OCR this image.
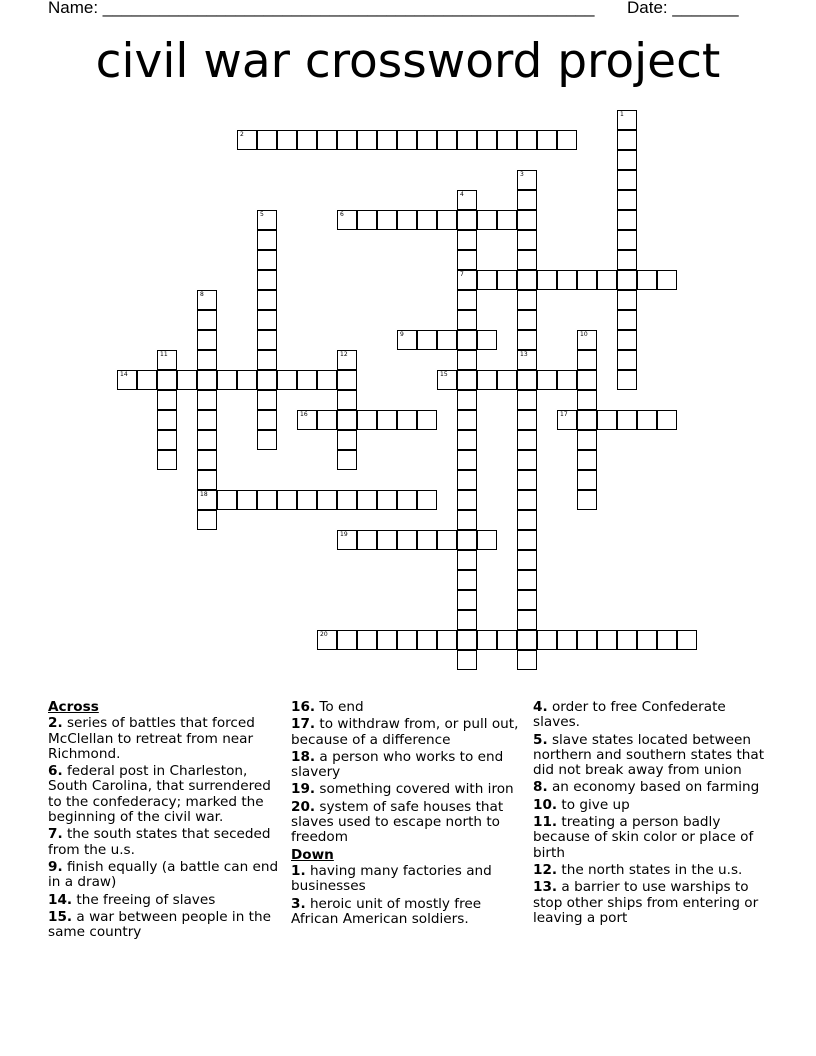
Name: ____________________________________________________ Date: _______
civil war crossword project
1
2
3
13
4
7
5	6
8
18
9	10
11	12
14	15
16	17
19
20
Across
2. series of battles that forced McClellan to retreat from near Richmond.
6. federal post in Charleston, South Carolina, that surrendered to the confederacy; marked the beginning of the civil war.
7. the south states that seceded from the u.s.
9. finish equally (a battle can end in a draw)
14. the freeing of slaves
15. a war between people in the same country
16. To end
17. to withdraw from, or pull out, because of a difference
18. a person who works to end slavery
19. something covered with iron
20. system of safe houses that slaves used to escape north to freedom
Down
1. having many factories and businesses
3. heroic unit of mostly free African American soldiers.
4. order to free Confederate slaves.
5. slave states located between northern and southern states that did not break away from union
8. an economy based on farming
10. to give up
11. treating a person badly because of skin color or place of birth
12. the north states in the u.s.
13. a barrier to use warships to stop other ships from entering or leaving a port
